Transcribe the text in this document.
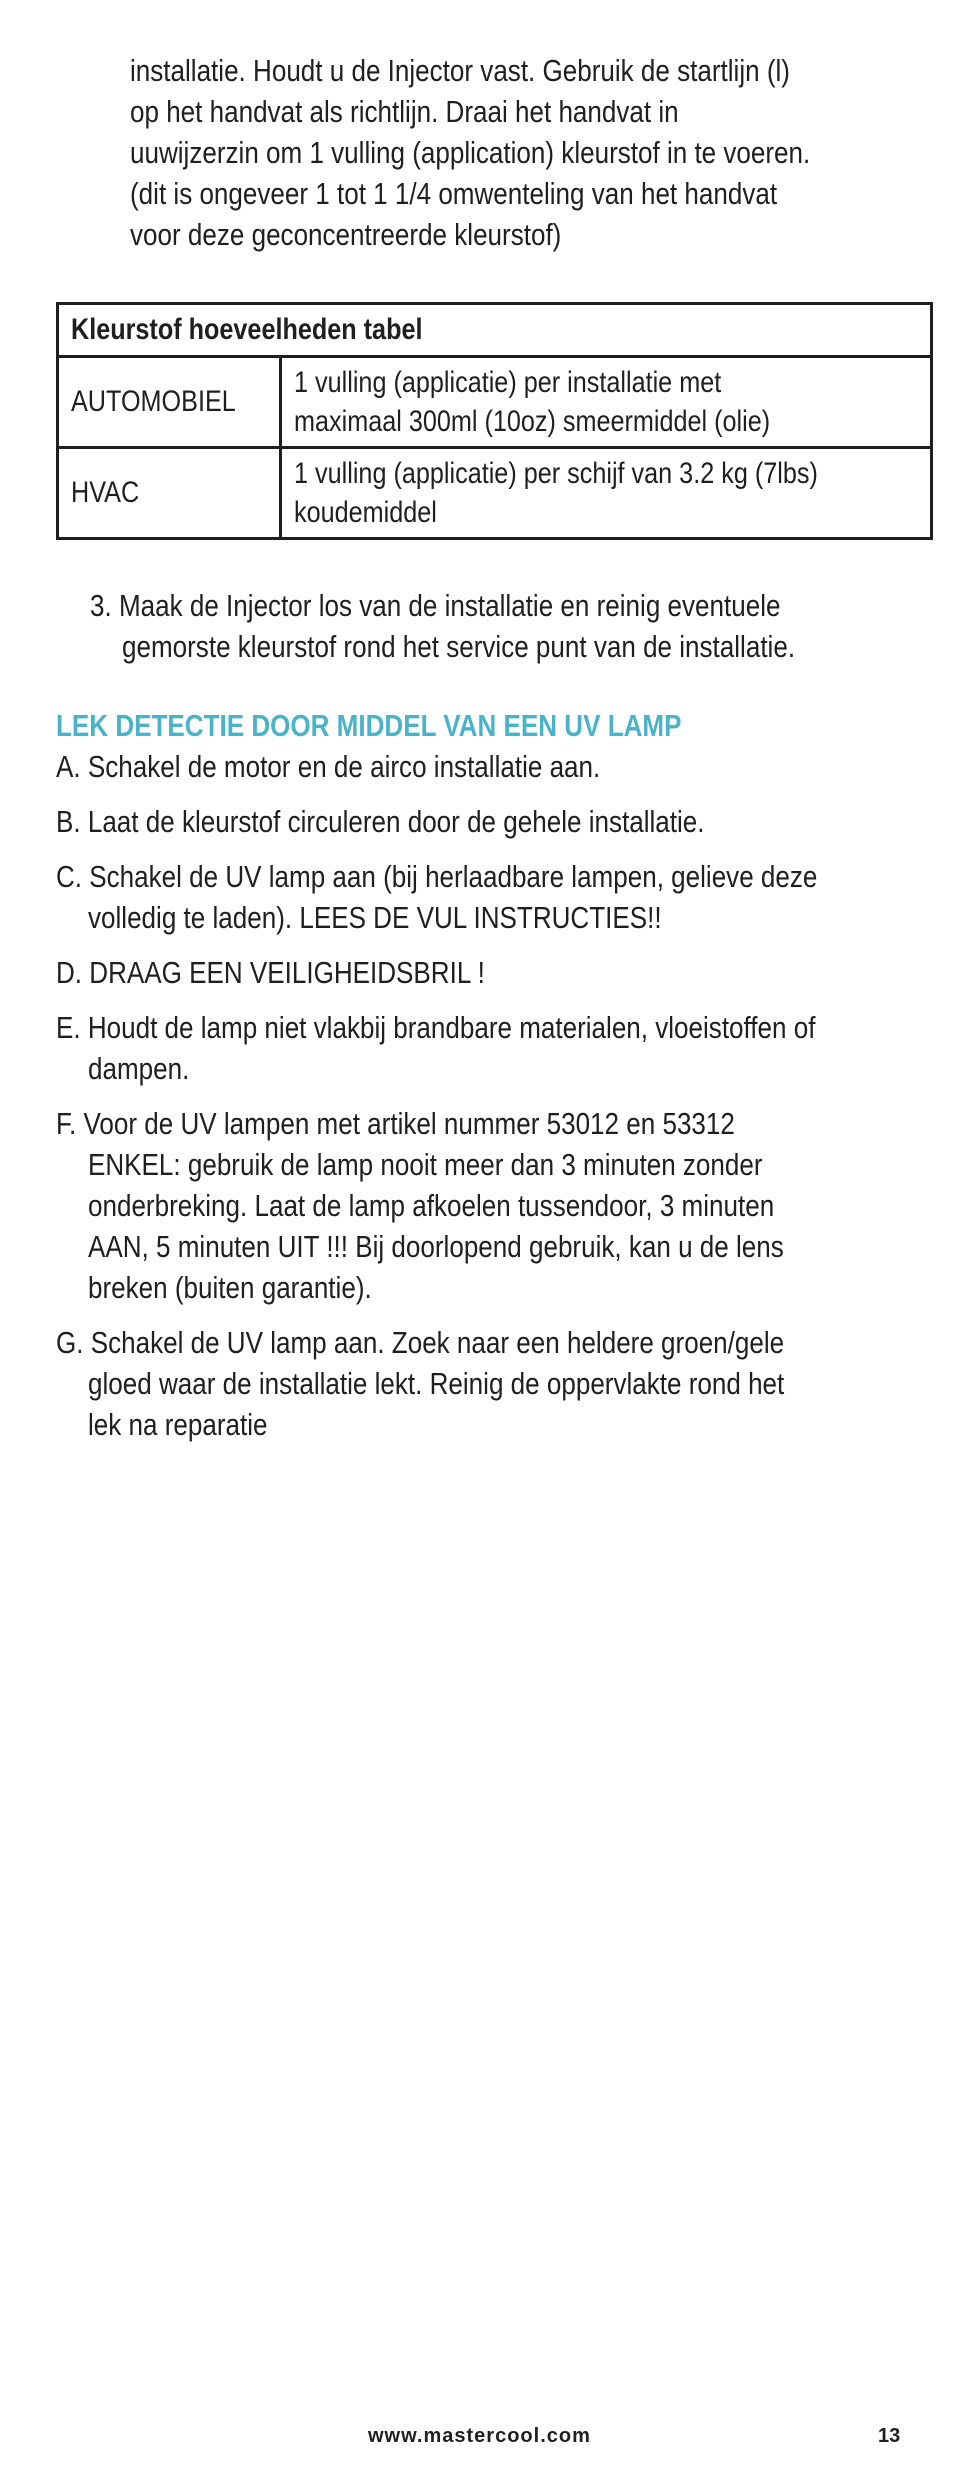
installatie. Houdt u de Injector vast. Gebruik de startlijn (l)
op het handvat als richtlijn. Draai het handvat in
uuwijzerzin om 1 vulling (application) kleurstof in te voeren.
(dit is ongeveer 1 tot 1 1/4 omwenteling van het handvat
voor deze geconcentreerde kleurstof)
Kleurstof hoeveelheden tabel	
AUTOMOBIEL	1 vulling (applicatie) per installatie met
maximaal 300ml (10oz) smeermiddel (olie)

HVAC	1 vulling (applicatie) per schijf van 3.2 kg (7lbs)
koudemiddel
3. Maak de Injector los van de installatie en reinig eventuele
gemorste kleurstof rond het service punt van de installatie.
LEK DETECTIE DOOR MIDDEL VAN EEN UV LAMP
A. Schakel de motor en de airco installatie aan.
B. Laat de kleurstof circuleren door de gehele installatie.
C. Schakel de UV lamp aan (bij herlaadbare lampen, gelieve deze
volledig te laden). LEES DE VUL INSTRUCTIES!!
D. DRAAG EEN VEILIGHEIDSBRIL !
E. Houdt de lamp niet vlakbij brandbare materialen, vloeistoffen of
dampen.
F. Voor de UV lampen met artikel nummer 53012 en 53312
ENKEL: gebruik de lamp nooit meer dan 3 minuten zonder
onderbreking. Laat de lamp afkoelen tussendoor, 3 minuten
AAN, 5 minuten UIT !!! Bij doorlopend gebruik, kan u de lens
breken (buiten garantie).
G. Schakel de UV lamp aan. Zoek naar een heldere groen/gele
gloed waar de installatie lekt. Reinig de oppervlakte rond het
lek na reparatie
www.mastercool.com	13
